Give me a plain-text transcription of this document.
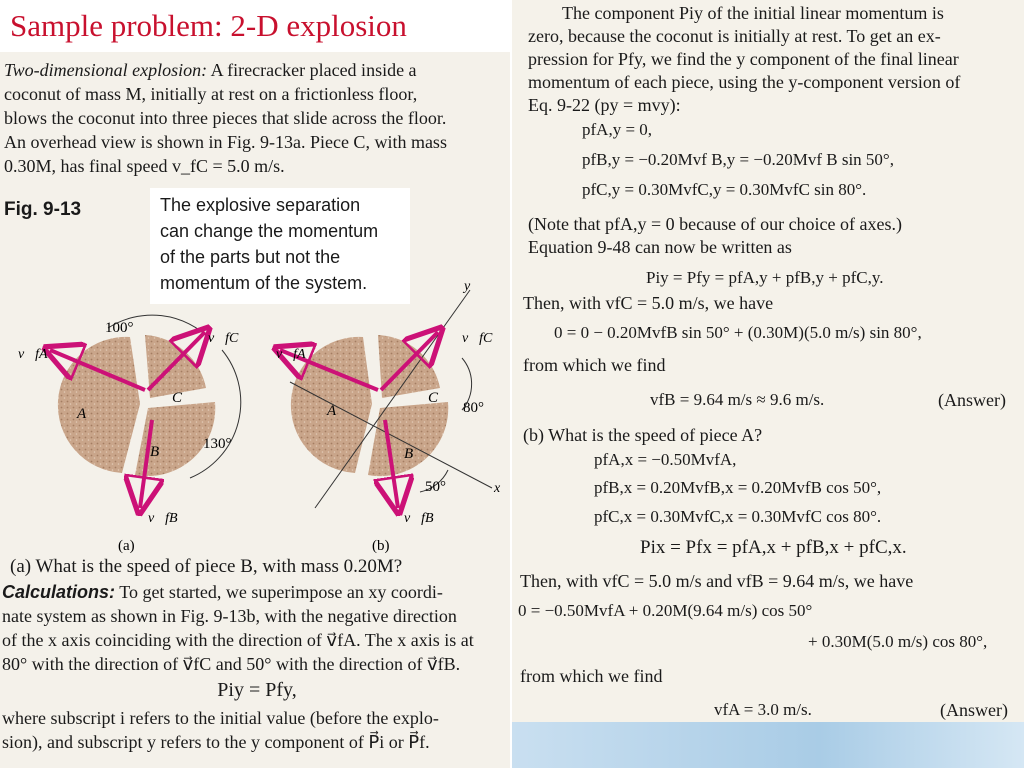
Sample problem: 2-D explosion

Two-dimensional explosion: A firecracker placed inside a

coconut of mass M, initially at rest on a frictionless floor,

blows the coconut into three pieces that slide across the floor.

An overhead view is shown in Fig. 9-13a. Piece C, with mass

0.30M, has final speed v_fC = 5.0 m/s.

Fig. 9-13	The explosive separation
can change the momentum
of the parts but not the
momentum of the system.
100°
130°
A
B
C
v⃗fA
v⃗fC
v⃗fB
(a)
y
x
80°
50°
A
B
C
v⃗fA
v⃗fC
v⃗fB
(b)
(a) What is the speed of piece B, with mass 0.20M?
Calculations: To get started, we superimpose an xy coordi-
nate system as shown in Fig. 9-13b, with the negative direction
of the x axis coinciding with the direction of v⃗fA. The x axis is at
80° with the direction of v⃗fC and 50° with the direction of v⃗fB.
Piy = Pfy,
where subscript i refers to the initial value (before the explo-
sion), and subscript y refers to the y component of P⃗i or P⃗f.
The component Piy of the initial linear momentum is
zero, because the coconut is initially at rest. To get an ex-
pression for Pfy, we find the y component of the final linear
momentum of each piece, using the y-component version of
Eq. 9-22 (py = mvy):
pfA,y = 0,
pfB,y = −0.20Mvf B,y = −0.20Mvf B sin 50°,
pfC,y = 0.30MvfC,y = 0.30MvfC sin 80°.
(Note that pfA,y = 0 because of our choice of axes.)
Equation 9-48 can now be written as
Piy = Pfy = pfA,y + pfB,y + pfC,y.
Then, with vfC = 5.0 m/s, we have
0 = 0 − 0.20MvfB sin 50° + (0.30M)(5.0 m/s) sin 80°,
from which we find
vfB = 9.64 m/s ≈ 9.6 m/s.	(Answer)
(b) What is the speed of piece A?
pfA,x = −0.50MvfA,
pfB,x = 0.20MvfB,x = 0.20MvfB cos 50°,
pfC,x = 0.30MvfC,x = 0.30MvfC cos 80°.
Pix = Pfx = pfA,x + pfB,x + pfC,x.
Then, with vfC = 5.0 m/s and vfB = 9.64 m/s, we have
0 = −0.50MvfA + 0.20M(9.64 m/s) cos 50°
+ 0.30M(5.0 m/s) cos 80°,
from which we find
vfA = 3.0 m/s.	(Answer)
